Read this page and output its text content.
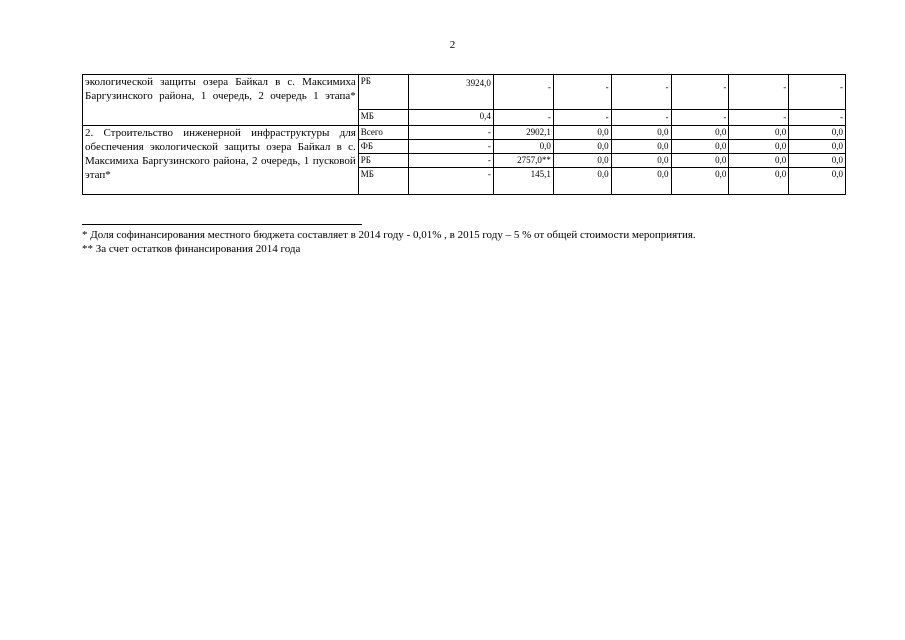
2
экологической защиты озера Байкал в с. Максимиха Баргузинского района, 1 очередь, 2 очередь 1 этапа*	РБ	3924,0	-	-	-	-	-	-
	МБ	0,4	-	-	-	-	-	-
2. Строительство инженерной инфраструктуры для обеспечения экологической защиты озера Байкал в с. Максимиха Баргузинского района, 2 очередь, 1 пусковой этап*	Всего	-	2902,1	0,0	0,0	0,0	0,0	0,0
	ФБ	-	0,0	0,0	0,0	0,0	0,0	0,0
	РБ	-	2757,0**	0,0	0,0	0,0	0,0	0,0
	МБ	-	145,1	0,0	0,0	0,0	0,0	0,0
* Доля софинансирования местного бюджета составляет в 2014 году - 0,01% , в 2015 году – 5 % от общей стоимости мероприятия.
** За счет остатков финансирования 2014 года
